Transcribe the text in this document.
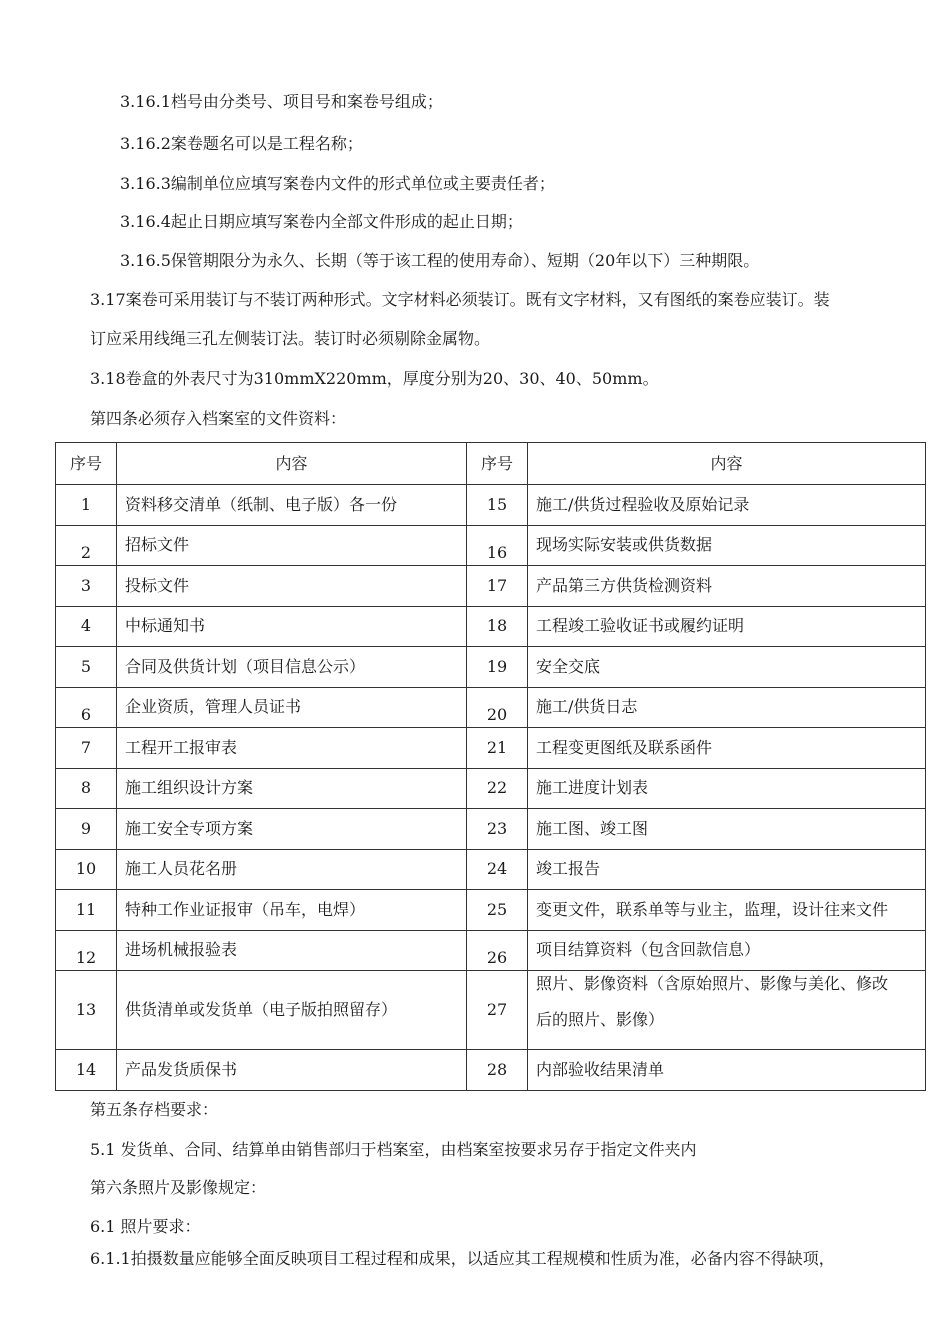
3.16.1档号由分类号、项目号和案卷号组成；
3.16.2案卷题名可以是工程名称；
3.16.3编制单位应填写案卷内文件的形式单位或主要责任者；
3.16.4起止日期应填写案卷内全部文件形成的起止日期；
3.16.5保管期限分为永久、长期（等于该工程的使用寿命）、短期（20年以下）三种期限。
3.17案卷可采用装订与不装订两种形式。文字材料必须装订。既有文字材料，又有图纸的案卷应装订。装
订应采用线绳三孔左侧装订法。装订时必须剔除金属物。
3.18卷盒的外表尺寸为310mmX220mm，厚度分别为20、30、40、50mm。
第四条必须存入档案室的文件资料：
序号	内容	序号	内容
1	资料移交清单（纸制、电子版）各一份	15	施工/供货过程验收及原始记录
2	招标文件	16	现场实际安装或供货数据
3	投标文件	17	产品第三方供货检测资料
4	中标通知书	18	工程竣工验收证书或履约证明
5	合同及供货计划（项目信息公示）	19	安全交底
6	企业资质，管理人员证书	20	施工/供货日志
7	工程开工报审表	21	工程变更图纸及联系函件
8	施工组织设计方案	22	施工进度计划表
9	施工安全专项方案	23	施工图、竣工图
10	施工人员花名册	24	竣工报告
11	特种工作业证报审（吊车，电焊）	25	变更文件，联系单等与业主，监理，设计往来文件
12	进场机械报验表	26	项目结算资料（包含回款信息）
13	供货清单或发货单（电子版拍照留存）	27	照片、影像资料（含原始照片、影像与美化、修改
后的照片、影像）

14	产品发货质保书	28	内部验收结果清单
第五条存档要求：
5.1 发货单、合同、结算单由销售部归于档案室，由档案室按要求另存于指定文件夹内
第六条照片及影像规定：
6.1 照片要求：
6.1.1拍摄数量应能够全面反映项目工程过程和成果，以适应其工程规模和性质为准，必备内容不得缺项，
